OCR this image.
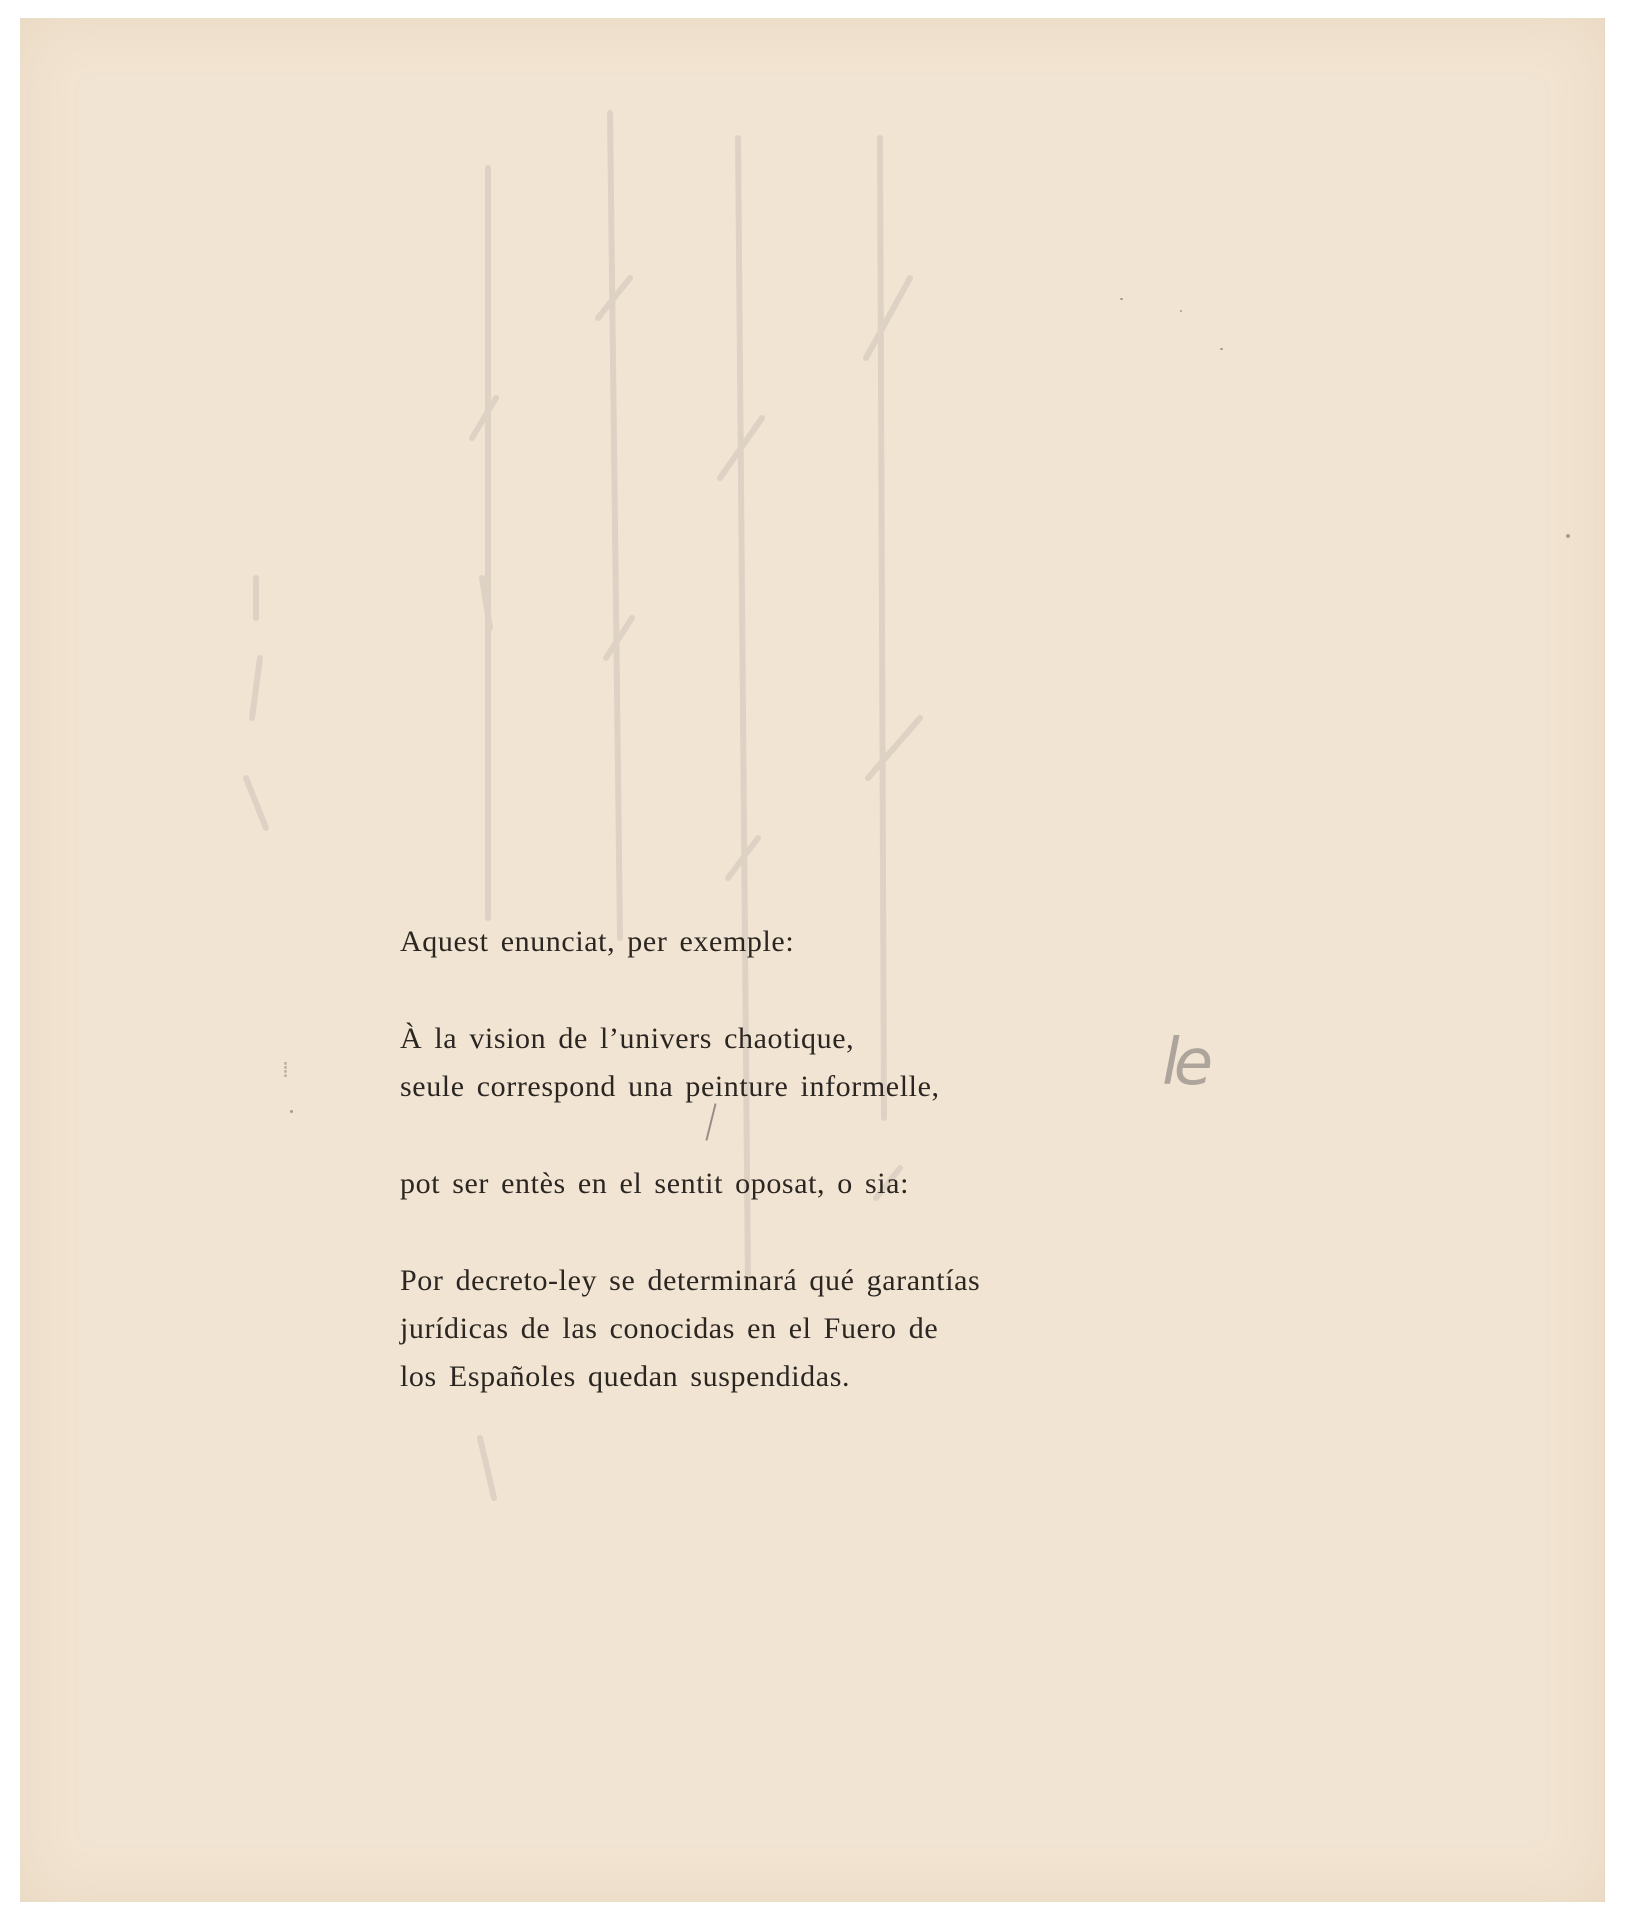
Aquest enunciat, per exemple:

À la vision de l’univers chaotique,

seule correspond una peinture informelle,

pot ser entès en el sentit oposat, o sia:

Por decreto-ley se determinará qué garantías

jurídicas de las conocidas en el Fuero de

los Españoles quedan suspendidas.

le
⁞
